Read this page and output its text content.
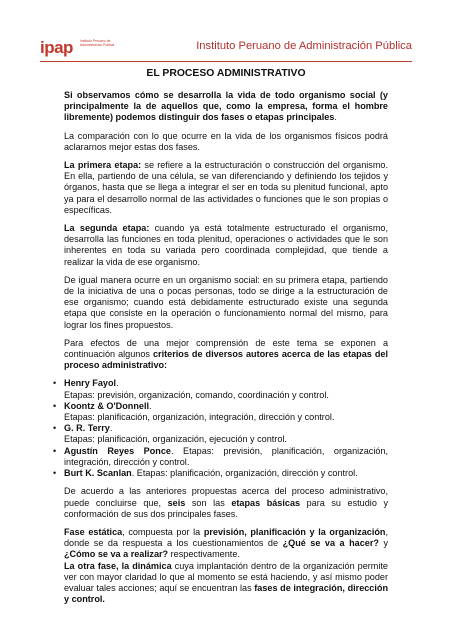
ipap Instituto Peruano de Administración Pública	Instituto Peruano de Administración Pública
EL PROCESO ADMINISTRATIVO

Si observamos cómo se desarrolla la vida de todo organismo social (y principalmente la de aquellos que, como la empresa, forma el hombre libremente) podemos distinguir dos fases o etapas principales.

La comparación con lo que ocurre en la vida de los organismos físicos podrá aclararnos mejor estas dos fases.

La primera etapa: se refiere a la estructuración o construcción del organismo. En ella, partiendo de una célula, se van diferenciando y definiendo los tejidos y órganos, hasta que se llega a integrar el ser en toda su plenitud funcional, apto ya para el desarrollo normal de las actividades o funciones que le son propias o específicas.

La segunda etapa: cuando ya está totalmente estructurado el organismo, desarrolla las funciones en toda plenitud, operaciones o actividades que le son inherentes en toda su variada pero coordinada complejidad, que tiende a realizar la vida de ese organismo.

De igual manera ocurre en un organismo social: en su primera etapa, partiendo de la iniciativa de una o pocas personas, todo se dirige a la estructuración de ese organismo; cuando está debidamente estructurado existe una segunda etapa que consiste en la operación o funcionamiento normal del mismo, para lograr los fines propuestos.

Para efectos de una mejor comprensión de este tema se exponen a continuación algunos criterios de diversos autores acerca de las etapas del proceso administrativo:

• Henry Fayol.
Etapas: previsión, organización, comando, coordinación y control.
• Koontz & O'Donnell.
Etapas: planificación, organización, integración, dirección y control.
• G. R. Terry.
Etapas: planificación, organización, ejecución y control.
• Agustín Reyes Ponce. Etapas: previsión, planificación, organización, integración, dirección y control.
• Burt K. Scanlan. Etapas: planificación, organización, dirección y control.

De acuerdo a las anteriores propuestas acerca del proceso administrativo, puede concluirse que, seis son las etapas básicas para su estudio y conformación de sus dos principales fases.

Fase estática, compuesta por la previsión, planificación y la organización, donde se da respuesta a los cuestionamientos de ¿Qué se va a hacer? y ¿Cómo se va a realizar? respectivamente.

La otra fase, la dinámica cuya implantación dentro de la organización permite ver con mayor claridad lo que al momento se está haciendo, y así mismo poder evaluar tales acciones; aquí se encuentran las fases de integración, dirección y control.
